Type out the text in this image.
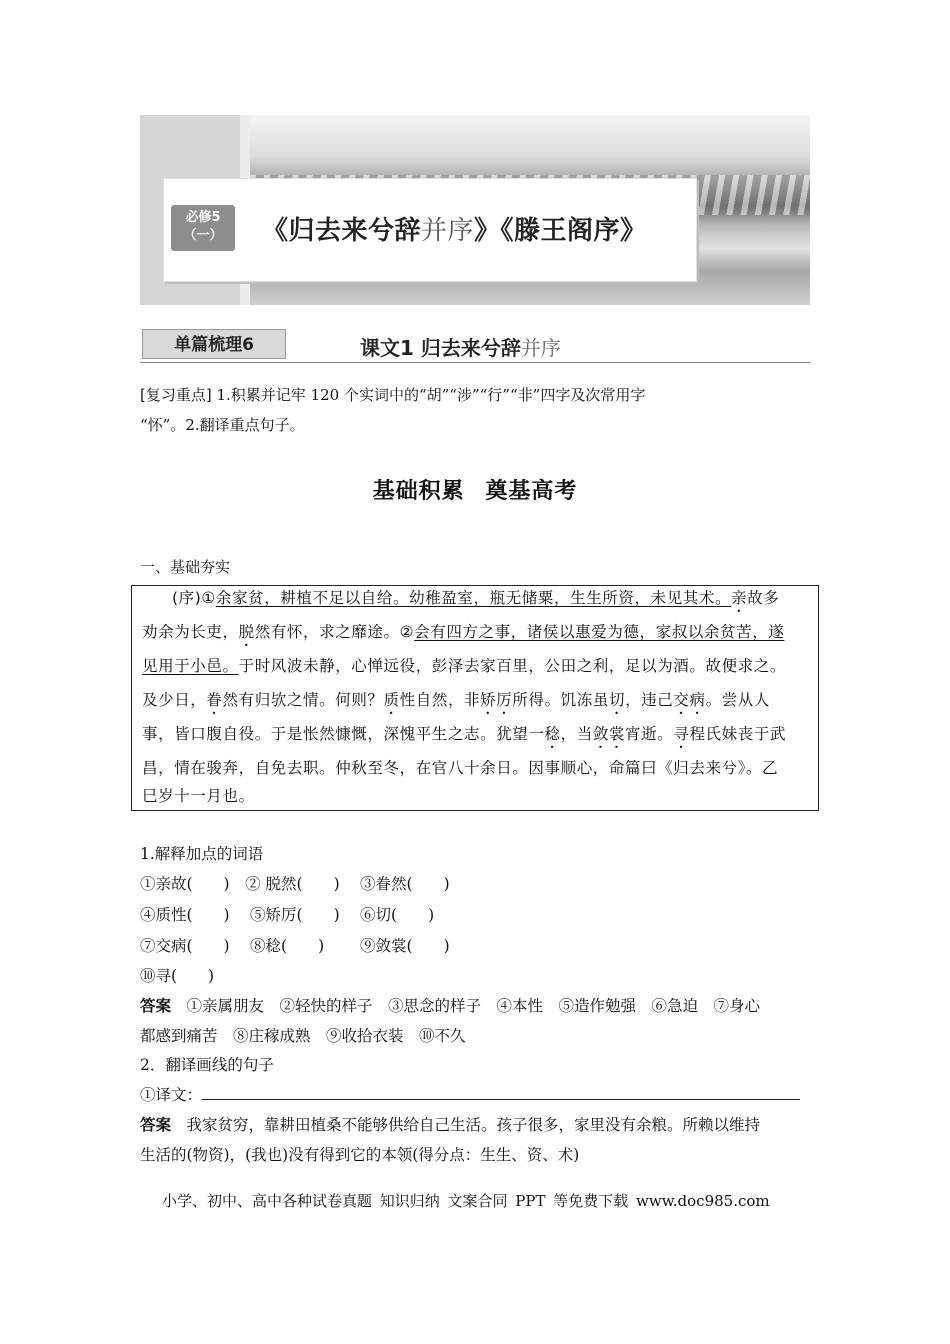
必修5
（一）	《归去来兮辞并序》《滕王阁序》
单篇梳理6	课文1 归去来兮辞并序
[复习重点] 1.积累并记牢 120 个实词中的“胡”“涉”“行”“非”四字及次常用字
“怀”。2.翻译重点句子。
基础积累 奠基高考
一、基础夯实
(序)①余家贫，耕植不足以自给。幼稚盈室，瓶无储粟，生生所资，未见其术。亲故多
劝余为长吏，脱然有怀，求之靡途。②会有四方之事，诸侯以惠爱为德，家叔以余贫苦，遂
见用于小邑。于时风波未静，心惮远役，彭泽去家百里，公田之利，足以为酒。故便求之。
及少日，眷然有归欤之情。何则？质性自然，非矫厉所得。饥冻虽切，违己交病。尝从人
事，皆口腹自役。于是怅然慷慨，深愧平生之志。犹望一稔，当敛裳宵逝。寻程氏妹丧于武
昌，情在骏奔，自免去职。仲秋至冬，在官八十余日。因事顺心，命篇曰《归去来兮》。乙
巳岁十一月也。
1.解释加点的词语
①亲故(　　)　② 脱然(　　)　 ③眷然(　　)
④质性(　　)　 ⑤矫厉(　　)　 ⑥切(　　)
⑦交病(　　)　 ⑧稔(　　)　　 ⑨敛裳(　　)
⑩寻(　　)
答案　①亲属朋友　②轻快的样子　③思念的样子　④本性　⑤造作勉强　⑥急迫　⑦身心
都感到痛苦　⑧庄稼成熟　⑨收拾衣装　⑩不久
2．翻译画线的句子
①译文：
答案　我家贫穷，靠耕田植桑不能够供给自己生活。孩子很多，家里没有余粮。所赖以维持
生活的(物资)，(我也)没有得到它的本领(得分点：生生、资、术)
小学、初中、高中各种试卷真题 知识归纳 文案合同 PPT 等免费下载 www.doc985.com
